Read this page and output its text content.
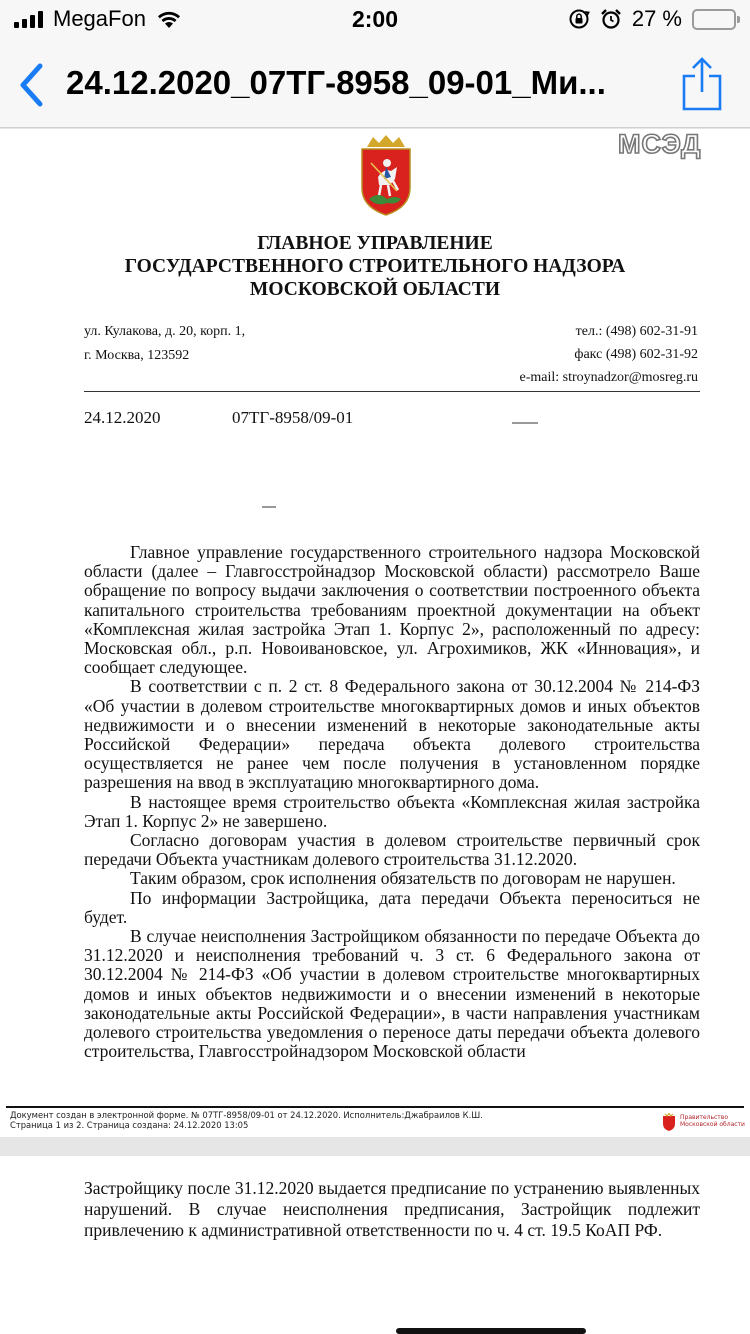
MegaFon	2:00	27 %
24.12.2020_07ТГ-8958_09-01_Ми...
МСЭД
ГЛАВНОЕ УПРАВЛЕНИЕ
ГОСУДАРСТВЕННОГО СТРОИТЕЛЬНОГО НАДЗОРА
МОСКОВСКОЙ ОБЛАСТИ
ул. Кулакова, д. 20, корп. 1,
г. Москва, 123592
тел.: (498) 602-31-91
факс (498) 602-31-92
e-mail: stroynadzor@mosreg.ru
24.12.2020	07ТГ-8958/09-01

Главное управление государственного строительного надзора Московской области (далее – Главгосстройнадзор Московской области) рассмотрело Ваше обращение по вопросу выдачи заключения о соответствии построенного объекта капитального строительства требованиям проектной документации на объект «Комплексная жилая застройка Этап 1. Корпус 2», расположенный по адресу: Московская обл., р.п. Новоивановское, ул. Агрохимиков, ЖК «Инновация», и сообщает следующее.

В соответствии с п. 2 ст. 8 Федерального закона от 30.12.2004 № 214-ФЗ «Об участии в долевом строительстве многоквартирных домов и иных объектов недвижимости и о внесении изменений в некоторые законодательные акты Российской Федерации» передача объекта долевого строительства осуществляется не ранее чем после получения в установленном порядке разрешения на ввод в эксплуатацию многоквартирного дома.

В настоящее время строительство объекта «Комплексная жилая застройка Этап 1. Корпус 2» не завершено.

Согласно договорам участия в долевом строительстве первичный срок передачи Объекта участникам долевого строительства 31.12.2020.

Таким образом, срок исполнения обязательств по договорам не нарушен.

По информации Застройщика, дата передачи Объекта переноситься не будет.

В случае неисполнения Застройщиком обязанности по передаче Объекта до 31.12.2020 и неисполнения требований ч. 3 ст. 6 Федерального закона от 30.12.2004 № 214-ФЗ «Об участии в долевом строительстве многоквартирных домов и иных объектов недвижимости и о внесении изменений в некоторые законодательные акты Российской Федерации», в части направления участникам долевого строительства уведомления о переносе даты передачи объекта долевого строительства, Главгосстройнадзором Московской области

Документ создан в электронной форме. № 07ТГ-8958/09-01 от 24.12.2020. Исполнитель:Джабраилов К.Ш.
Страница 1 из 2. Страница создана: 24.12.2020 13:05
Правительство
Московской области
Застройщику после 31.12.2020 выдается предписание по устранению выявленных нарушений. В случае неисполнения предписания, Застройщик подлежит привлечению к административной ответственности по ч. 4 ст. 19.5 КоАП РФ.
